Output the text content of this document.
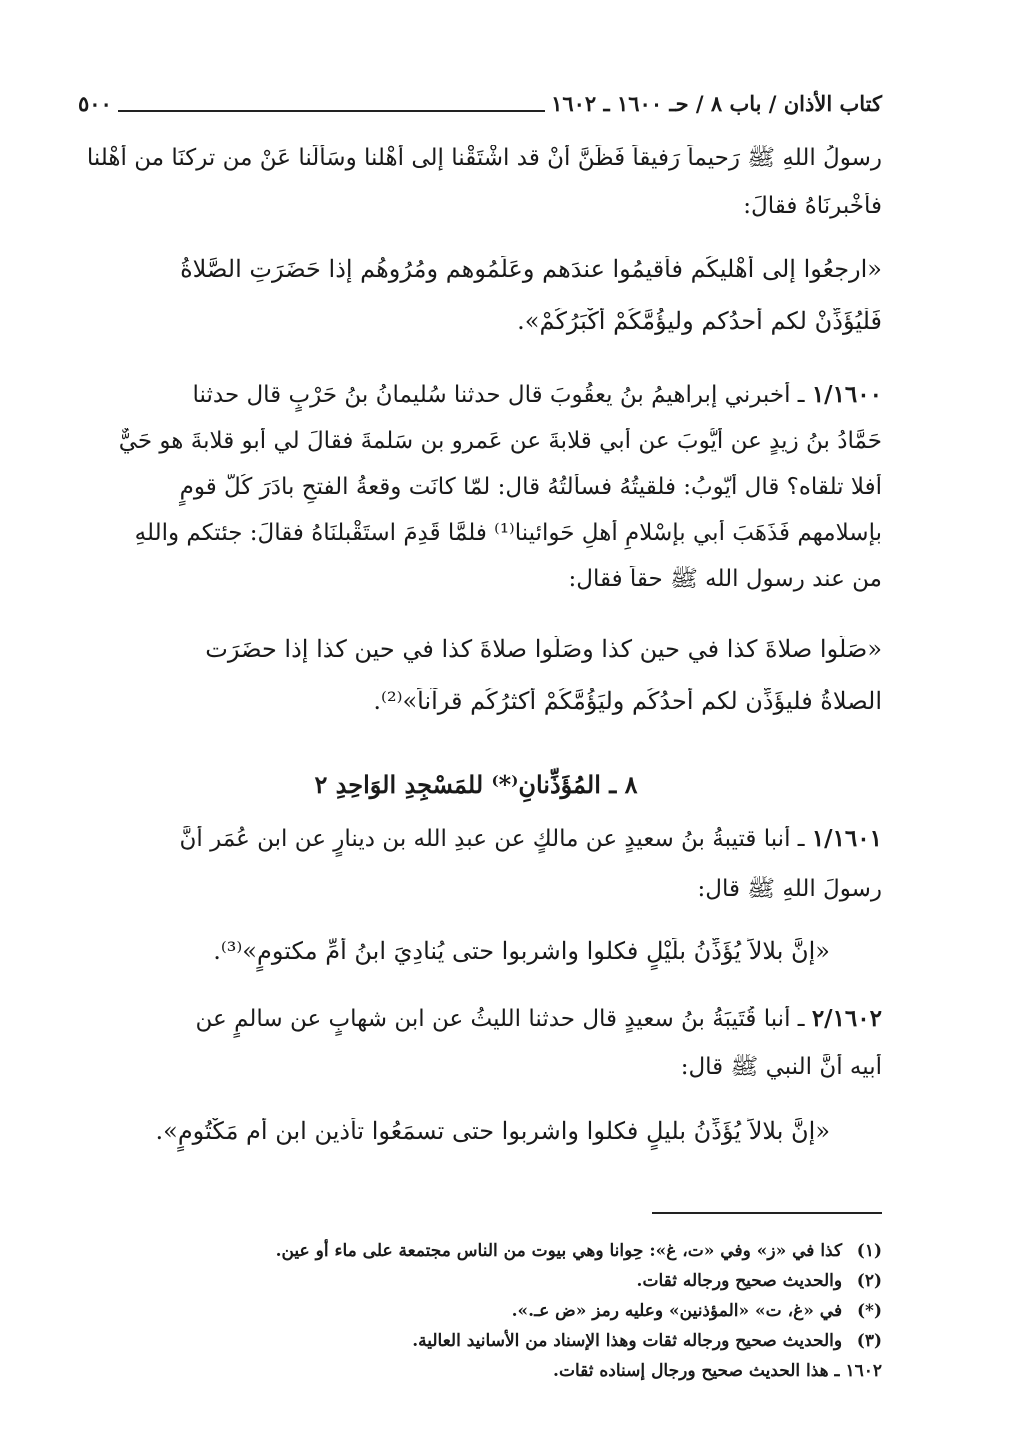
كتاب الأذان / باب ٨ / حـ ١٦٠٠ ـ ١٦٠٢
٥٠٠
رسولُ اللهِ ﷺ رَحيماً رَفيقاً فَظَنَّ أنْ قد اشْتَقْنا إلى أهْلنا وسَألَنا عَنْ من تركنَا من أهْلنا
فأخْبرنَاهُ فقالَ:
«ارجعُوا إلى أهْليكُم فأقيمُوا عندَهم وعَلِّمُوهم ومُرُوهُم إذا حَضَرَتِ الصَّلاةُ
فَلْيُؤَذِّنْ لكم أَحدُكم وليؤُمَّكُمْ أكْبَرُكُمْ».
١/١٦٠٠ ـ أخبرني إبراهيمُ بنُ يعقُوبَ قال حدثنا سُليمانُ بنُ حَرْبٍ قال حدثنا
حَمَّادُ بنُ زيدٍ عن أَيُّوبَ عن أبي قلابةَ عن عَمرو بن سَلمةَ فقالَ لي أبو قلابةَ هو حَيٌّ
أفلا تلقاه؟ قال أيّوبُ: فلقيتُهُ فسألتُهُ قال: لمّا كانَت وقعةُ الفتحِ بادَرَ كُلُّ قومٍ
بإسلامهم فَذَهَبَ أبي بإسْلامِ أهلِ حَوائينا⁽¹⁾ فلمَّا قَدِمَ استَقْبلنَاهُ فقالَ: جئتكم واللهِ
من عند رسول الله ﷺ حقاً فقال:
«صَلُّوا صلاةَ كذا في حين كذا وصَلُّوا صلاةَ كذا في حين كذا إذا حضَرَت
الصلاةُ فليؤَذِّن لكم أحدُكُم وليَؤُمَّكُمْ أكثرُكُم قرآناً»⁽²⁾.
٨ ـ المُؤَذِّنانِ⁽*⁾ للمَسْجِدِ الوَاحِدِ ٢
١/١٦٠١ ـ أنبا قتيبةُ بنُ سعيدٍ عن مالكٍ عن عبدِ الله بن دينارٍ عن ابن عُمَر أنَّ
رسولَ اللهِ ﷺ قال:
«إنَّ بلالاً يُؤَذِّنُ بلَيْلٍ فكلوا واشربوا حتى يُنادِيَ ابنُ أُمِّ مكتومٍ»⁽³⁾.
٢/١٦٠٢ ـ أنبا قُتَيبَةُ بنُ سعيدٍ قال حدثنا الليثُ عن ابن شهابٍ عن سالمٍ عن
أبيه أنَّ النبي ﷺ قال:
«إنَّ بلالاً يُؤَذِّنُ بليلٍ فكلوا واشربوا حتى تسمَعُوا تأذين ابن أم مَكْتُومٍ».
(١) كذا في «ز» وفي «ت، غ»: حِوانا وهي بيوت من الناس مجتمعة على ماء أو عين.
(٢) والحديث صحيح ورجاله ثقات.
(*) في «غ، ت» «المؤذنين» وعليه رمز «ض عـ.».
(٣) والحديث صحيح ورجاله ثقات وهذا الإسناد من الأسانيد العالية.
١٦٠٢ ـ هذا الحديث صحيح ورجال إسناده ثقات.
